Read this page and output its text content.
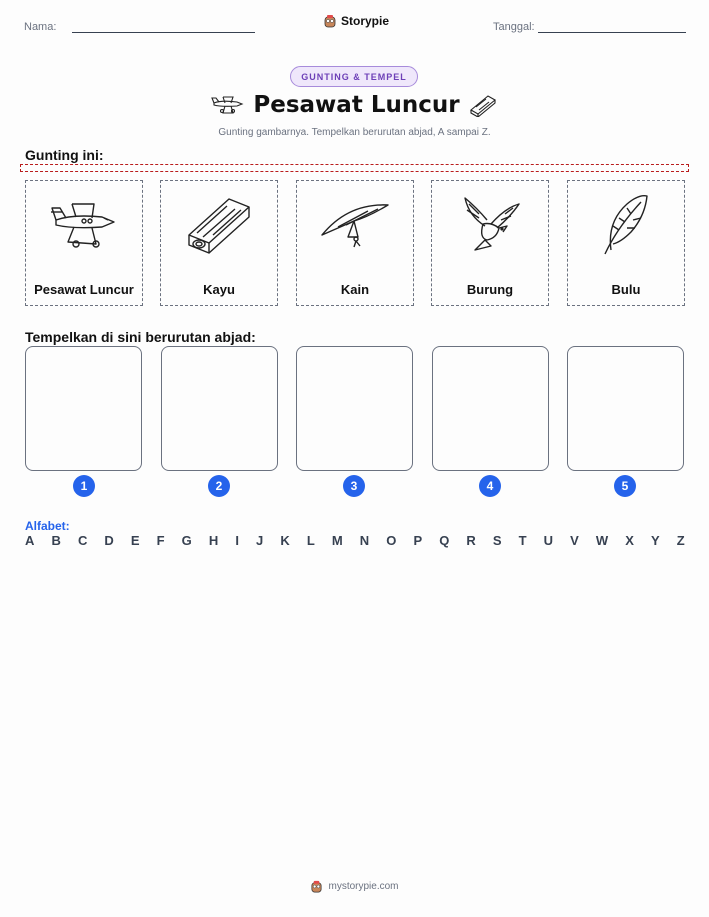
Nama:	Storypie	Tanggal:
GUNTING & TEMPEL
Pesawat Luncur
Gunting gambarnya. Tempelkan berurutan abjad, A sampai Z.
Gunting ini:
Pesawat Luncur	Kayu	Kain	Burung	Bulu
Tempelkan di sini berurutan abjad:
1	2	3	4	5
Alfabet:
A B C D E F G H I J K L M N O P Q R S T U V W X Y Z
mystorypie.com
